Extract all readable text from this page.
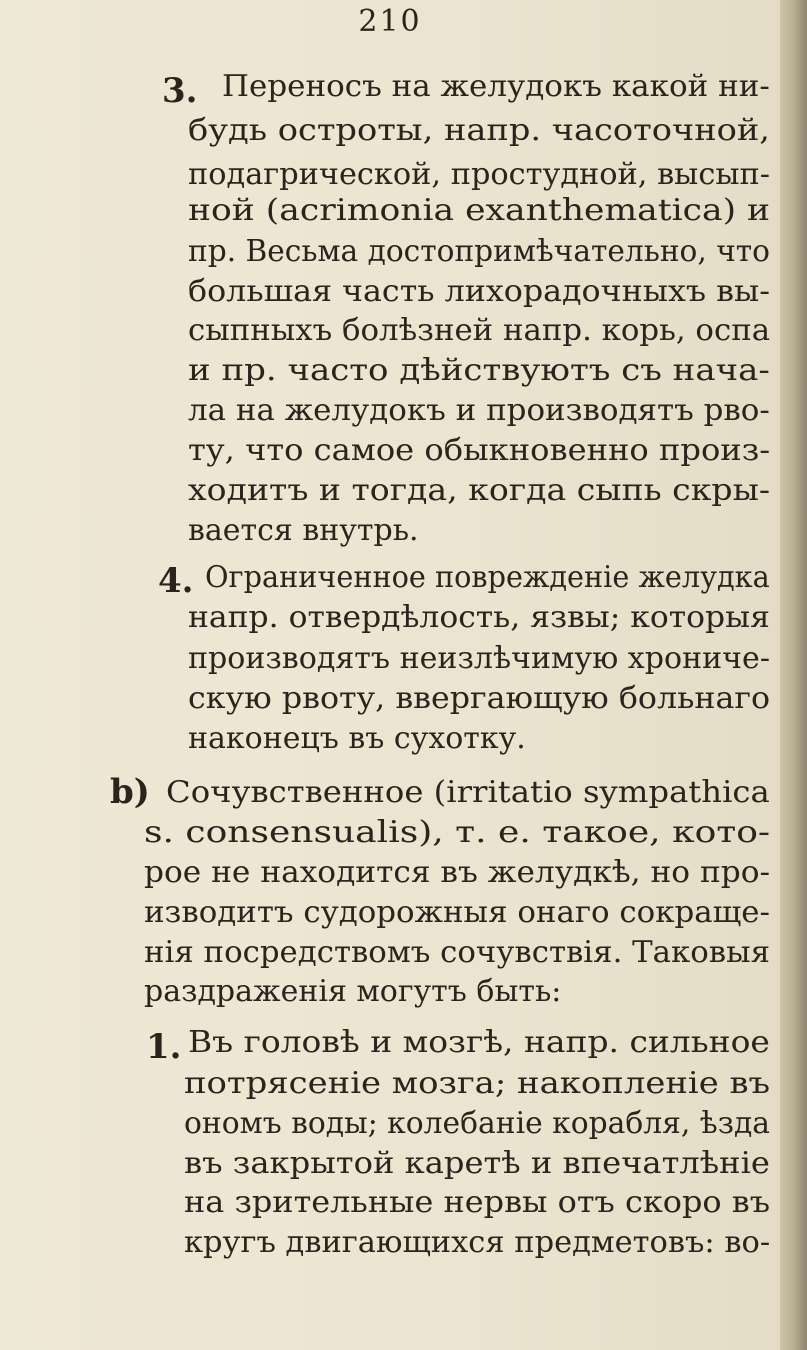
210
3. Переносъ на желудокъ какой ни-
будь остроты, напр. часоточной,
подагрической, простудной, высып-
ной (acrimonia exanthematica) и
пр. Весьма достопримѣчательно, что
большая часть лихорадочныхъ вы-
сыпныхъ болѣзней напр. корь, оспа
и пр. часто дѣйствуютъ съ нача-
ла на желудокъ и производятъ рво-
ту, что самое обыкновенно произ-
ходитъ и тогда, когда сыпь скры-
вается внутрь.
4. Ограниченное поврежденіе желудка
напр. отвердѣлость, язвы; которыя
производятъ неизлѣчимую хрониче-
скую рвоту, ввергающую больнаго
наконецъ въ сухотку.
b) Сочувственное (irritatio sympathica
s. consensualis), т. е. такое, кото-
рое не находится въ желудкѣ, но про-
изводитъ судорожныя онаго сокраще-
нія посредствомъ сочувствія. Таковыя
раздраженія могутъ быть:
1. Въ головѣ и мозгѣ, напр. сильное
потрясеніе мозга; накопленіе въ
ономъ воды; колебаніе корабля, ѣзда
въ закрытой каретѣ и впечатлѣніе
на зрительные нервы отъ скоро въ
кругъ двигающихся предметовъ: во-
